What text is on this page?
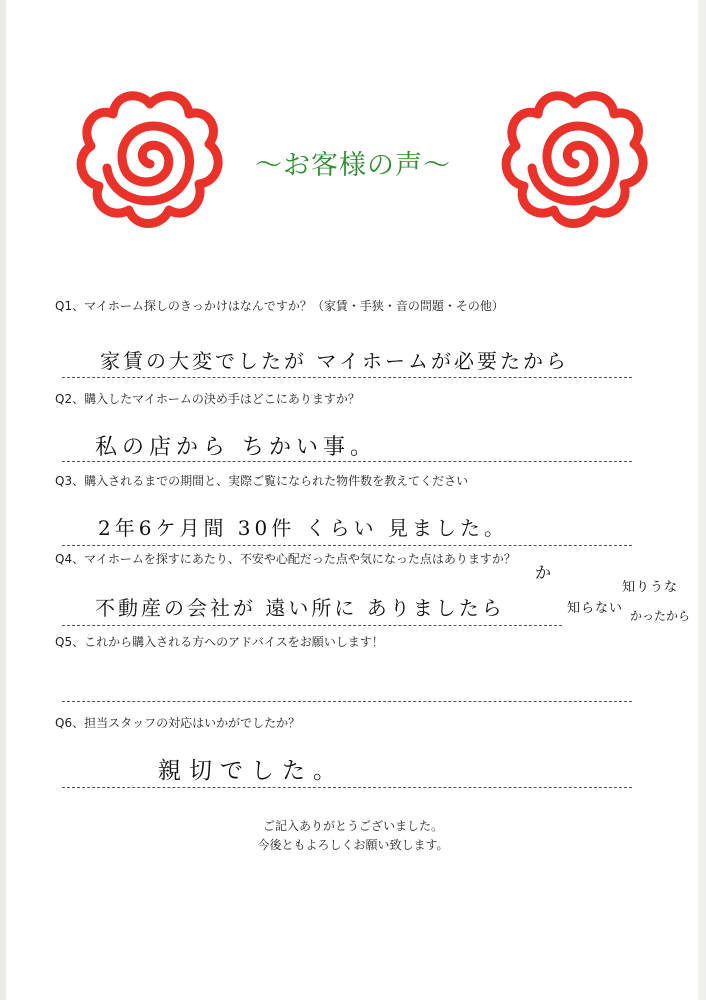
～お客様の声～
Q1、マイホーム探しのきっかけはなんですか？（家賃・手狭・音の問題・その他）
家賃の大変でしたが マイホームが必要たから
Q2、購入したマイホームの決め手はどこにありますか？
私の店から ちかい事。
Q3、購入されるまでの期間と、実際ご覧になられた物件数を教えてください
2年6ケ月間 30件 くらい 見ました。
Q4、マイホームを探すにあたり、不安や心配だった点や気になった点はありますか？
不動産の会社が 遠い所に ありましたら
か
知らない
知りうな
かったから
Q5、これから購入される方へのアドバイスをお願いします！
Q6、担当スタッフの対応はいかがでしたか？
親切でした。
ご記入ありがとうございました。
今後ともよろしくお願い致します。
